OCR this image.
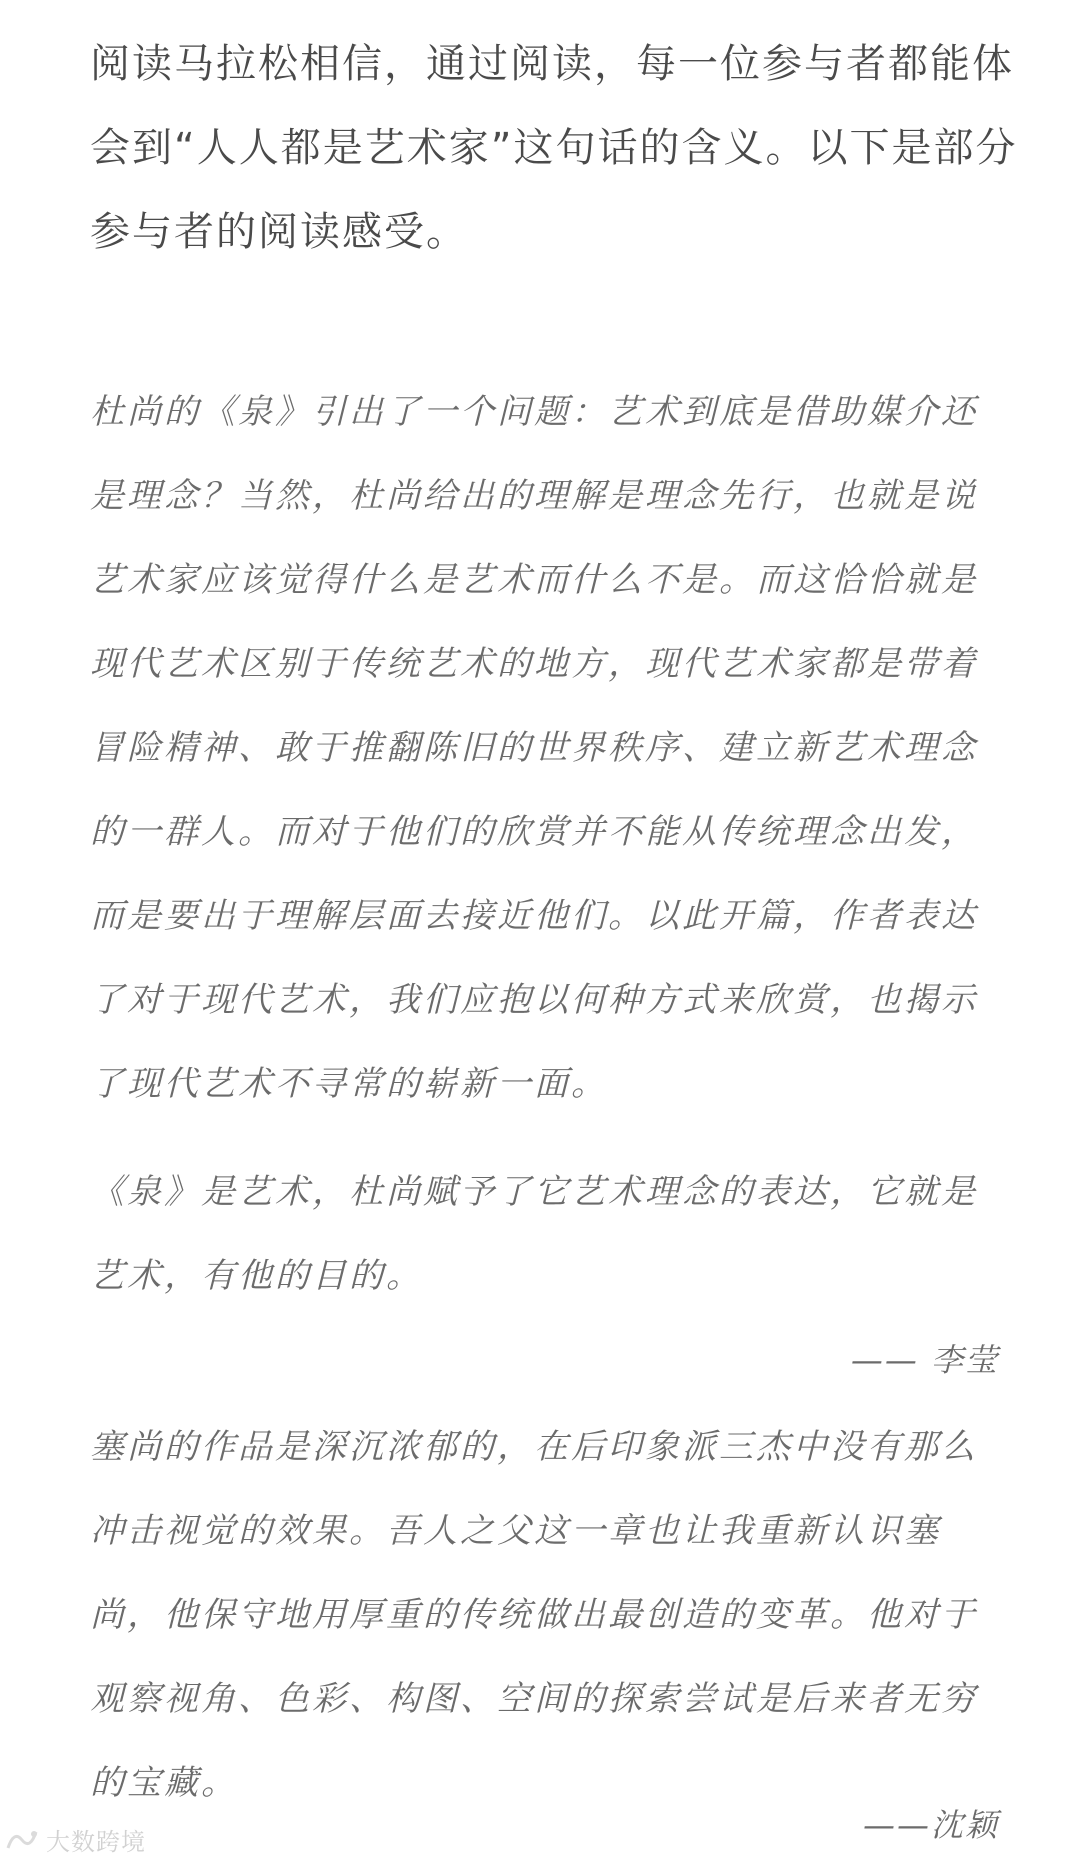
阅读马拉松相信，通过阅读，每一位参与者都能体会到“人人都是艺术家”这句话的含义。以下是部分参与者的阅读感受。

杜尚的《泉》引出了一个问题：艺术到底是借助媒介还是理念？当然，杜尚给出的理解是理念先行，也就是说艺术家应该觉得什么是艺术而什么不是。而这恰恰就是现代艺术区别于传统艺术的地方，现代艺术家都是带着冒险精神、敢于推翻陈旧的世界秩序、建立新艺术理念的一群人。而对于他们的欣赏并不能从传统理念出发，而是要出于理解层面去接近他们。以此开篇，作者表达了对于现代艺术，我们应抱以何种方式来欣赏，也揭示了现代艺术不寻常的崭新一面。

《泉》是艺术，杜尚赋予了它艺术理念的表达，它就是艺术，有他的目的。

—— 李莹

塞尚的作品是深沉浓郁的，在后印象派三杰中没有那么冲击视觉的效果。吾人之父这一章也让我重新认识塞尚，他保守地用厚重的传统做出最创造的变革。他对于观察视角、色彩、构图、空间的探索尝试是后来者无穷的宝藏。

——沈颖

大数跨境
